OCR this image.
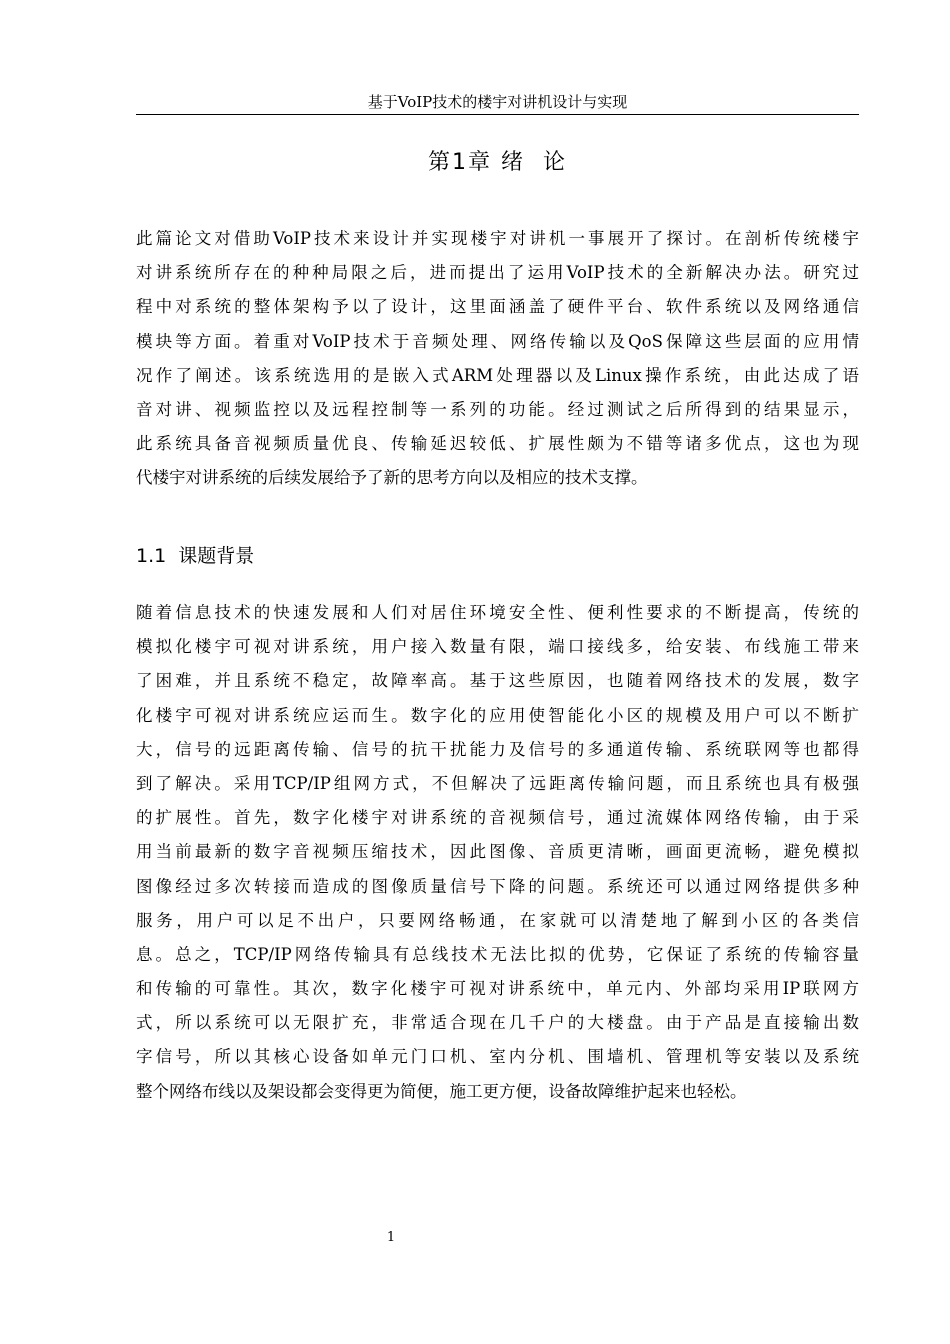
基于VoIP技术的楼宇对讲机设计与实现
第1章 绪  论

此篇论文对借助VoIP技术来设计并实现楼宇对讲机一事展开了探讨。在剖析传统楼宇
对讲系统所存在的种种局限之后，进而提出了运用VoIP技术的全新解决办法。研究过
程中对系统的整体架构予以了设计，这里面涵盖了硬件平台、软件系统以及网络通信
模块等方面。着重对VoIP技术于音频处理、网络传输以及QoS保障这些层面的应用情
况作了阐述。该系统选用的是嵌入式ARM处理器以及Linux操作系统，由此达成了语
音对讲、视频监控以及远程控制等一系列的功能。经过测试之后所得到的结果显示，
此系统具备音视频质量优良、传输延迟较低、扩展性颇为不错等诸多优点，这也为现
代楼宇对讲系统的后续发展给予了新的思考方向以及相应的技术支撑。

1.1  课题背景

随着信息技术的快速发展和人们对居住环境安全性、便利性要求的不断提高，传统的
模拟化楼宇可视对讲系统，用户接入数量有限，端口接线多，给安装、布线施工带来
了困难，并且系统不稳定，故障率高。基于这些原因，也随着网络技术的发展，数字
化楼宇可视对讲系统应运而生。数字化的应用使智能化小区的规模及用户可以不断扩
大，信号的远距离传输、信号的抗干扰能力及信号的多通道传输、系统联网等也都得
到了解决。采用TCP/IP组网方式，不但解决了远距离传输问题，而且系统也具有极强
的扩展性。首先，数字化楼宇对讲系统的音视频信号，通过流媒体网络传输，由于采
用当前最新的数字音视频压缩技术，因此图像、音质更清晰，画面更流畅，避免模拟
图像经过多次转接而造成的图像质量信号下降的问题。系统还可以通过网络提供多种
服务，用户可以足不出户，只要网络畅通，在家就可以清楚地了解到小区的各类信
息。总之，TCP/IP网络传输具有总线技术无法比拟的优势，它保证了系统的传输容量
和传输的可靠性。其次，数字化楼宇可视对讲系统中，单元内、外部均采用IP联网方
式，所以系统可以无限扩充，非常适合现在几千户的大楼盘。由于产品是直接输出数
字信号，所以其核心设备如单元门口机、室内分机、围墙机、管理机等安装以及系统
整个网络布线以及架设都会变得更为简便，施工更方便，设备故障维护起来也轻松。

1
